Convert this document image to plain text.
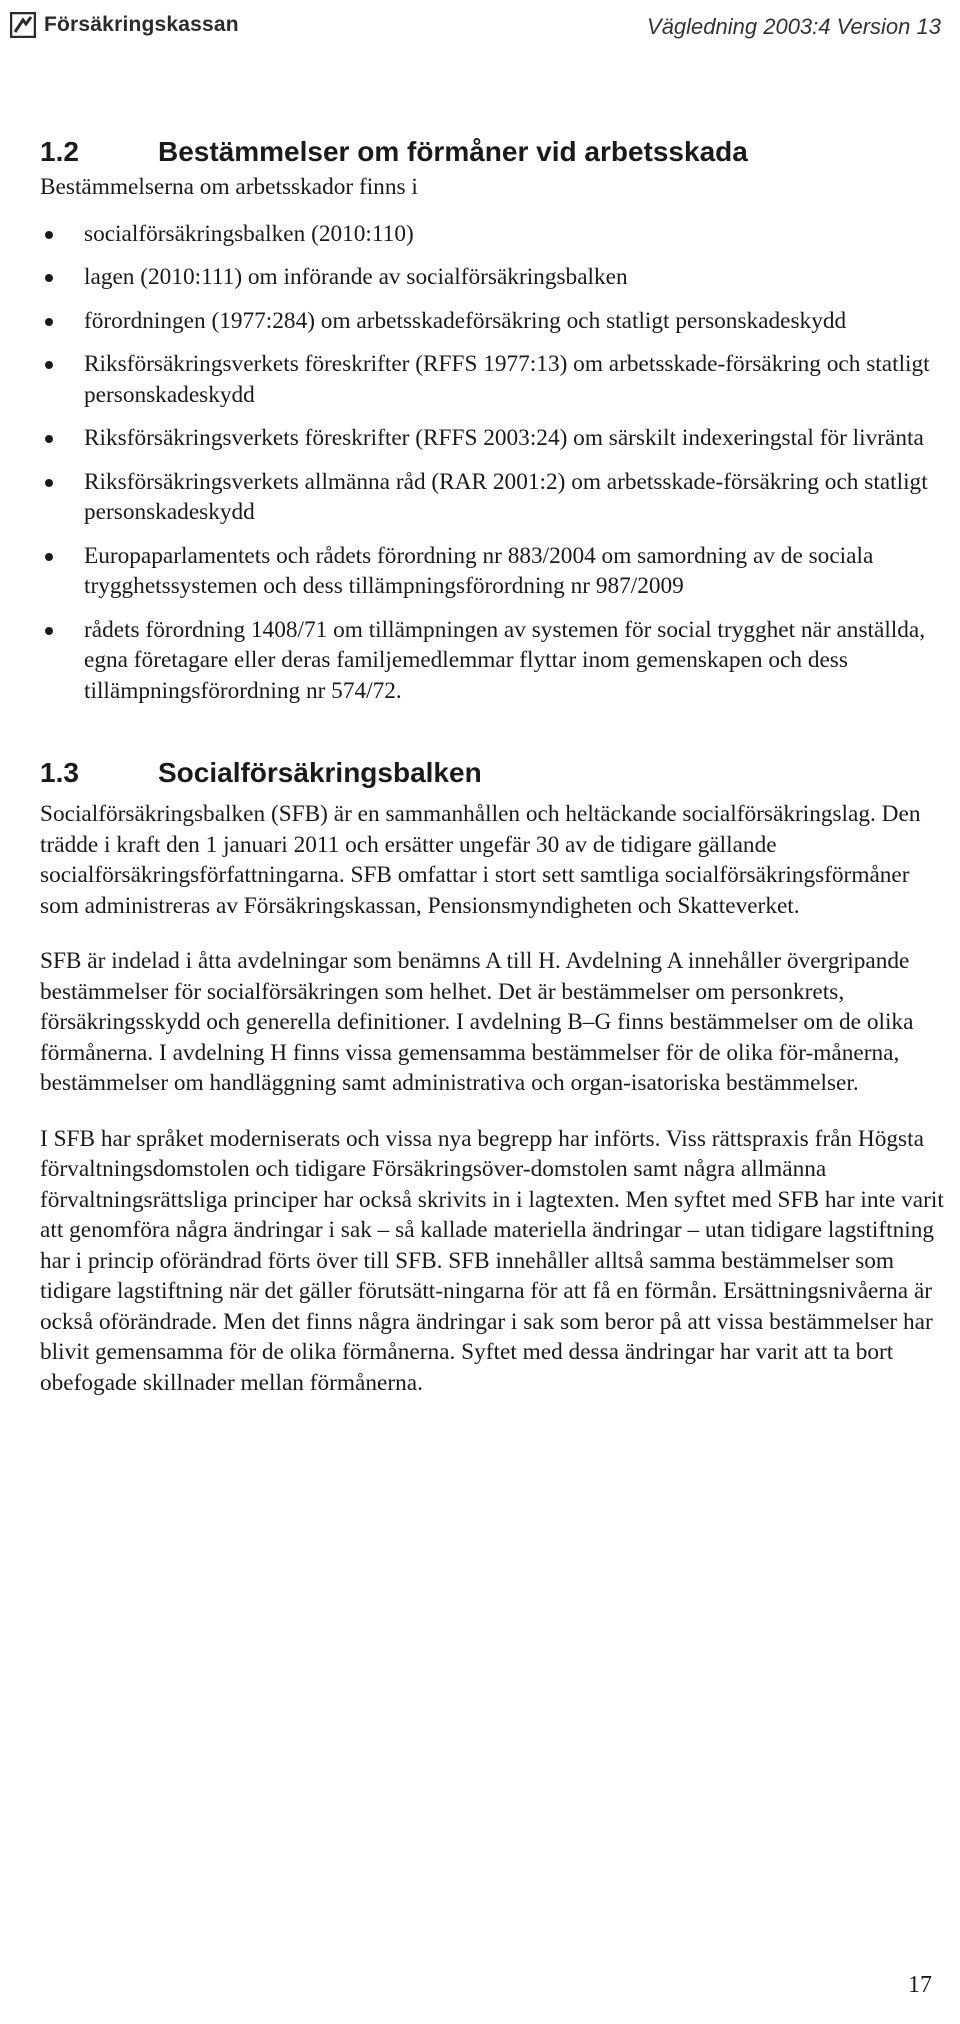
Försäkringskassan	Vägledning 2003:4 Version 13
1.2	Bestämmelser om förmåner vid arbetsskada

Bestämmelserna om arbetsskador finns i

socialförsäkringsbalken (2010:110)
lagen (2010:111) om införande av socialförsäkringsbalken
förordningen (1977:284) om arbetsskadeförsäkring och statligt personskadeskydd
Riksförsäkringsverkets föreskrifter (RFFS 1977:13) om arbetsskade-försäkring och statligt personskadeskydd
Riksförsäkringsverkets föreskrifter (RFFS 2003:24) om särskilt indexeringstal för livränta
Riksförsäkringsverkets allmänna råd (RAR 2001:2) om arbetsskade-försäkring och statligt personskadeskydd
Europaparlamentets och rådets förordning nr 883/2004 om samordning av de sociala trygghetssystemen och dess tillämpningsförordning nr 987/2009
rådets förordning 1408/71 om tillämpningen av systemen för social trygghet när anställda, egna företagare eller deras familjemedlemmar flyttar inom gemenskapen och dess tillämpningsförordning nr 574/72.
1.3	Socialförsäkringsbalken

Socialförsäkringsbalken (SFB) är en sammanhållen och heltäckande socialförsäkringslag. Den trädde i kraft den 1 januari 2011 och ersätter ungefär 30 av de tidigare gällande socialförsäkringsförfattningarna. SFB omfattar i stort sett samtliga socialförsäkringsförmåner som administreras av Försäkringskassan, Pensionsmyndigheten och Skatteverket.

SFB är indelad i åtta avdelningar som benämns A till H. Avdelning A innehåller övergripande bestämmelser för socialförsäkringen som helhet. Det är bestämmelser om personkrets, försäkringsskydd och generella definitioner. I avdelning B–G finns bestämmelser om de olika förmånerna. I avdelning H finns vissa gemensamma bestämmelser för de olika för-månerna, bestämmelser om handläggning samt administrativa och organ-isatoriska bestämmelser.

I SFB har språket moderniserats och vissa nya begrepp har införts. Viss rättspraxis från Högsta förvaltningsdomstolen och tidigare Försäkringsöver-domstolen samt några allmänna förvaltningsrättsliga principer har också skrivits in i lagtexten. Men syftet med SFB har inte varit att genomföra några ändringar i sak – så kallade materiella ändringar – utan tidigare lagstiftning har i princip oförändrad förts över till SFB. SFB innehåller alltså samma bestämmelser som tidigare lagstiftning när det gäller förutsätt-ningarna för att få en förmån. Ersättningsnivåerna är också oförändrade. Men det finns några ändringar i sak som beror på att vissa bestämmelser har blivit gemensamma för de olika förmånerna. Syftet med dessa ändringar har varit att ta bort obefogade skillnader mellan förmånerna.

17
